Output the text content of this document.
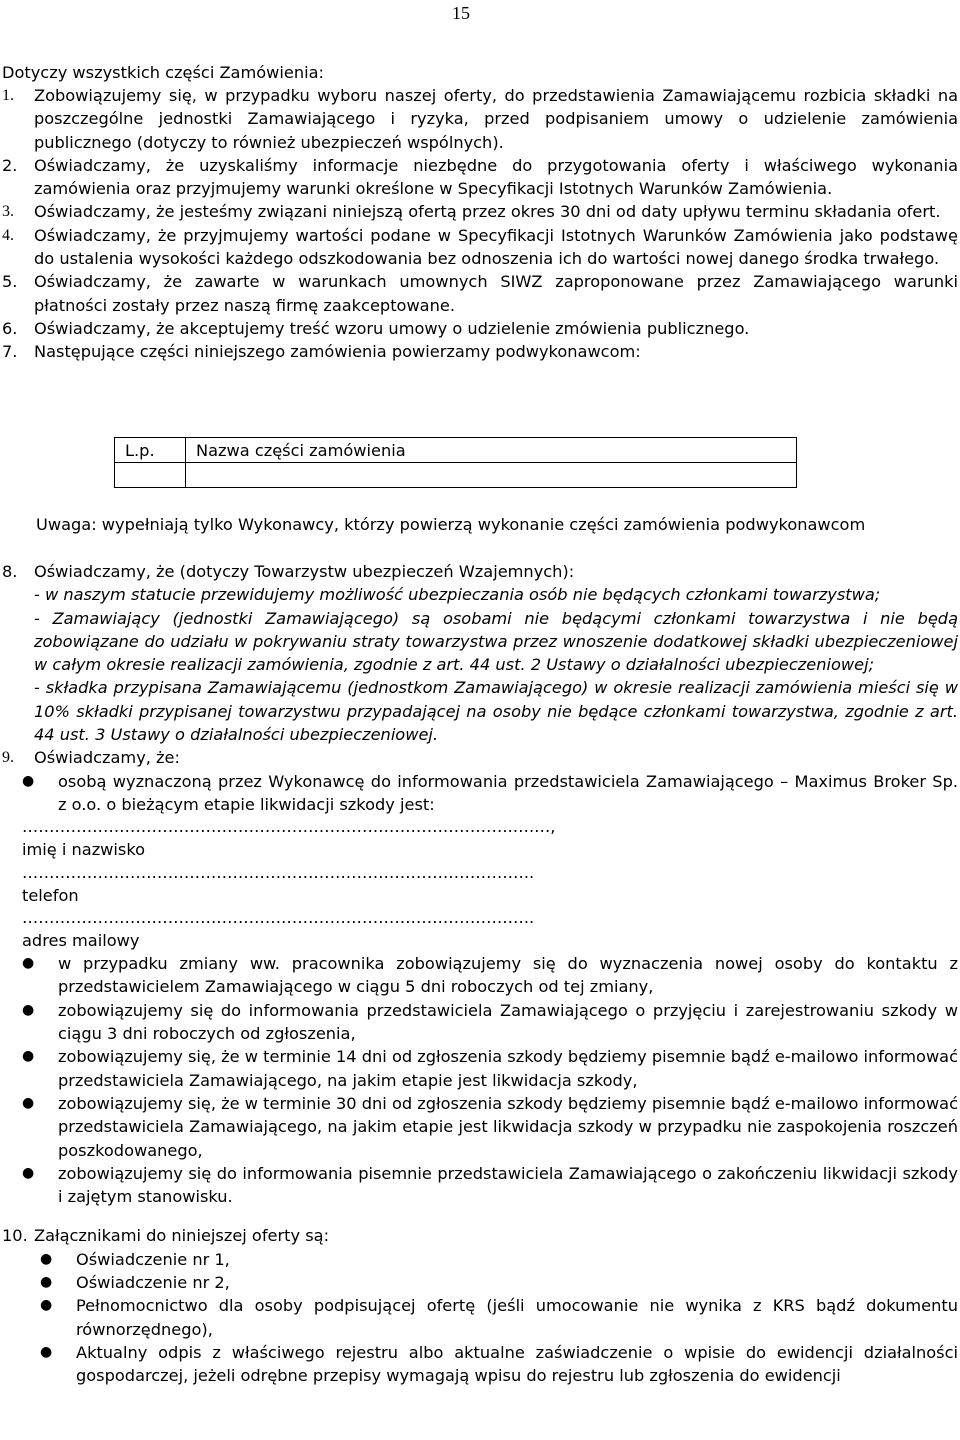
15
Dotyczy wszystkich części Zamówienia:
1.	Zobowiązujemy się, w przypadku wyboru naszej oferty, do przedstawienia Zamawiającemu rozbicia składki na poszczególne jednostki Zamawiającego i ryzyka, przed podpisaniem umowy o udzielenie zamówienia publicznego (dotyczy to również ubezpieczeń wspólnych).
2.	Oświadczamy, że uzyskaliśmy informacje niezbędne do przygotowania oferty i właściwego wykonania zamówienia oraz przyjmujemy warunki określone w Specyfikacji Istotnych Warunków Zamówienia.
3.	Oświadczamy, że jesteśmy związani niniejszą ofertą przez okres 30 dni od daty upływu terminu składania ofert.
4.	Oświadczamy, że przyjmujemy wartości podane w Specyfikacji Istotnych Warunków Zamówienia jako podstawę do ustalenia wysokości każdego odszkodowania bez odnoszenia ich do wartości nowej danego środka trwałego.
5.	Oświadczamy, że zawarte w warunkach umownych SIWZ zaproponowane przez Zamawiającego warunki płatności zostały przez naszą firmę zaakceptowane.
6.	Oświadczamy, że akceptujemy treść wzoru umowy o udzielenie zmówienia publicznego.
7.	Następujące części niniejszego zamówienia powierzamy podwykonawcom:
L.p.	Nazwa części zamówienia

Uwaga: wypełniają tylko Wykonawcy, którzy powierzą wykonanie części zamówienia podwykonawcom
8.	Oświadczamy, że (dotyczy Towarzystw ubezpieczeń Wzajemnych):
- w naszym statucie przewidujemy możliwość ubezpieczania osób nie będących członkami towarzystwa;
- Zamawiający (jednostki Zamawiającego) są osobami nie będącymi członkami towarzystwa i nie będą zobowiązane do udziału w pokrywaniu straty towarzystwa przez wnoszenie dodatkowej składki ubezpieczeniowej w całym okresie realizacji zamówienia, zgodnie z art. 44 ust. 2 Ustawy o działalności ubezpieczeniowej;
- składka przypisana Zamawiającemu (jednostkom Zamawiającego) w okresie realizacji zamówienia mieści się w 10% składki przypisanej towarzystwu przypadającej na osoby nie będące członkami towarzystwa, zgodnie z art. 44 ust. 3 Ustawy o działalności ubezpieczeniowej.
9.	Oświadczamy, że:
●	osobą wyznaczoną przez Wykonawcę do informowania przedstawiciela Zamawiającego – Maximus Broker Sp. z o.o. o bieżącym etapie likwidacji szkody jest:
……………………………………………………………………………….….…,
imię i nazwisko
…………………………………………………………………………………..
telefon
…………………………………………………………………………………..
adres mailowy
●	w przypadku zmiany ww. pracownika zobowiązujemy się do wyznaczenia nowej osoby do kontaktu z przedstawicielem Zamawiającego w ciągu 5 dni roboczych od tej zmiany,
●	zobowiązujemy się do informowania przedstawiciela Zamawiającego o przyjęciu i zarejestrowaniu szkody w ciągu 3 dni roboczych od zgłoszenia,
●	zobowiązujemy się, że w terminie 14 dni od zgłoszenia szkody będziemy pisemnie bądź e-mailowo informować przedstawiciela Zamawiającego, na jakim etapie jest likwidacja szkody,
●	zobowiązujemy się, że w terminie 30 dni od zgłoszenia szkody będziemy pisemnie bądź e-mailowo informować przedstawiciela Zamawiającego, na jakim etapie jest likwidacja szkody w przypadku nie zaspokojenia roszczeń poszkodowanego,
●	zobowiązujemy się do informowania pisemnie przedstawiciela Zamawiającego o zakończeniu likwidacji szkody i zajętym stanowisku.
10. Załącznikami do niniejszej oferty są:
●	Oświadczenie nr 1,
●	Oświadczenie nr 2,
●	Pełnomocnictwo dla osoby podpisującej ofertę (jeśli umocowanie nie wynika z KRS bądź dokumentu równorzędnego),
●	Aktualny odpis z właściwego rejestru albo aktualne zaświadczenie o wpisie do ewidencji działalności gospodarczej, jeżeli odrębne przepisy wymagają wpisu do rejestru lub zgłoszenia do ewidencji
